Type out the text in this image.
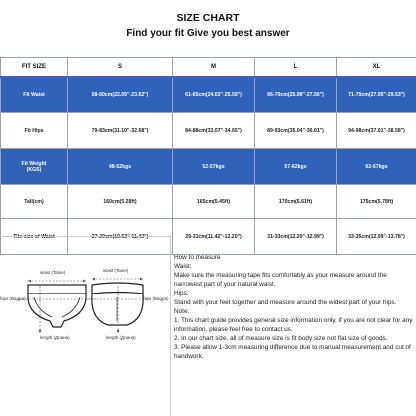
SIZE CHART
Find your fit Give you best answer
FIT SIZE	S	M	L	XL
Fit Waist	58-60cm(22.05"-23.62")	61-65cm(24.02"-25.59")	66-70cm(25.98"-27.56")	71-75cm(27.95"-29.53")
Fit Hips	79-83cm(31.10"-32.68")	84-88cm(33.07"-34.65")	89-93cm(35.04"-36.61")	94-98cm(37.01"-38.58")

Fit Weight
(KGS)	48-52kgs	52-57kgs	57-62kgs	62-67kgs
Tall(cm)	160cm(5.28ft)	165cm(5.45ft)	170cm(5.61ft)	175cm(5.78ft)
Tile size of Waist	27-29cm(10.63"-11.42")	29-31cm(11.42"-12.20")	31-33cm(12.20"-12.99")	33-35cm(12.99"-13.78")
waist (Tanie)	waist (Tanie)
hips (Bagpa)	hips (Bagpa)
length (Длина)	length (Длина)

How to measure

Waist:

Make sure the measuring tape fits comfortably as your measure around the narrowest part of your natural waist.

Hips:

Stand with your feet together and measure around the widest part of your hips.

Note:

1. This chart guide provides general size information only, if you are not clear for any information, please feel free to contact us.

2. In our chart size, all of measure size is fit body size not flat size of goods.

3. Please allow 1-3cm measuring difference due to manual measurement and cut of handwork.
